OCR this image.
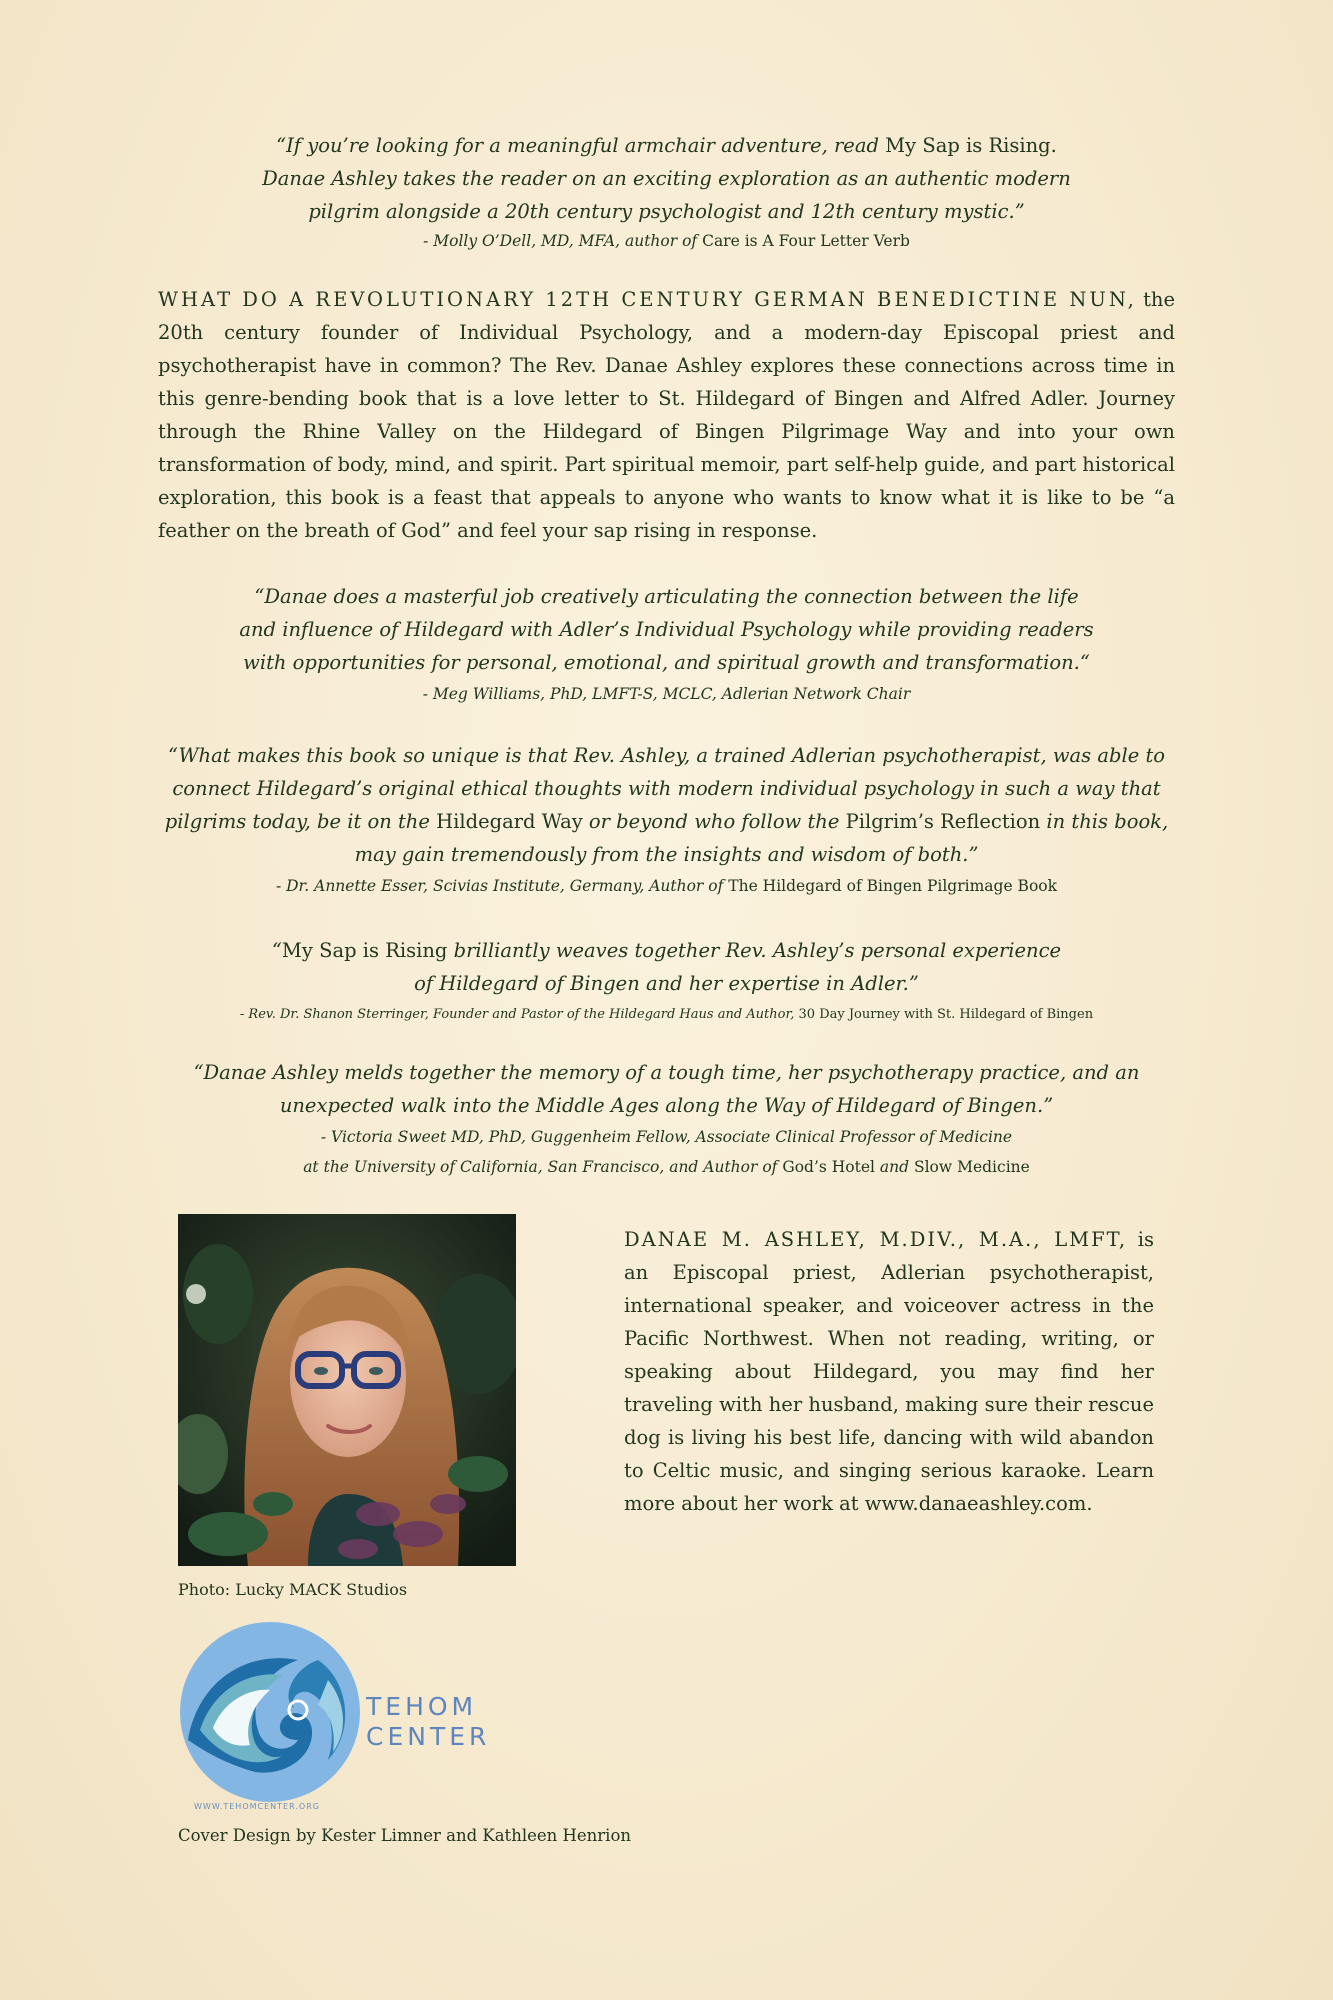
“If you’re looking for a meaningful armchair adventure, read My Sap is Rising.
Danae Ashley takes the reader on an exciting exploration as an authentic modern
pilgrim alongside a 20th century psychologist and 12th century mystic.”
- Molly O’Dell, MD, MFA, author of Care is A Four Letter Verb
WHAT DO A REVOLUTIONARY 12TH CENTURY GERMAN BENEDICTINE NUN, the 20th century founder of Individual Psychology, and a modern-day Episcopal priest and psychotherapist have in common? The Rev. Danae Ashley explores these connections across time in this genre-bending book that is a love letter to St. Hildegard of Bingen and Alfred Adler. Journey through the Rhine Valley on the Hildegard of Bingen Pilgrimage Way and into your own transformation of body, mind, and spirit. Part spiritual memoir, part self-help guide, and part historical exploration, this book is a feast that appeals to anyone who wants to know what it is like to be “a feather on the breath of God” and feel your sap rising in response.
“Danae does a masterful job creatively articulating the connection between the life
and influence of Hildegard with Adler’s Individual Psychology while providing readers
with opportunities for personal, emotional, and spiritual growth and transformation.“
- Meg Williams, PhD, LMFT-S, MCLC, Adlerian Network Chair
“What makes this book so unique is that Rev. Ashley, a trained Adlerian psychotherapist, was able to
connect Hildegard’s original ethical thoughts with modern individual psychology in such a way that
pilgrims today, be it on the Hildegard Way or beyond who follow the Pilgrim’s Reflection in this book,
may gain tremendously from the insights and wisdom of both.”
- Dr. Annette Esser, Scivias Institute, Germany, Author of The Hildegard of Bingen Pilgrimage Book
“My Sap is Rising brilliantly weaves together Rev. Ashley’s personal experience
of Hildegard of Bingen and her expertise in Adler.”
- Rev. Dr. Shanon Sterringer, Founder and Pastor of the Hildegard Haus and Author, 30 Day Journey with St. Hildegard of Bingen
“Danae Ashley melds together the memory of a tough time, her psychotherapy practice, and an
unexpected walk into the Middle Ages along the Way of Hildegard of Bingen.”
- Victoria Sweet MD, PhD, Guggenheim Fellow, Associate Clinical Professor of Medicine
at the University of California, San Francisco, and Author of God’s Hotel and Slow Medicine
Photo: Lucky MACK Studios
DANAE M. ASHLEY, M.DIV., M.A., LMFT, is an Episcopal priest, Adlerian psychotherapist, international speaker, and voiceover actress in the Pacific Northwest. When not reading, writing, or speaking about Hildegard, you may find her traveling with her husband, making sure their rescue dog is living his best life, dancing with wild abandon to Celtic music, and singing serious karaoke. Learn more about her work at www.danaeashley.com.
TEHOM
CENTER
WWW.TEHOMCENTER.ORG
Cover Design by Kester Limner and Kathleen Henrion
